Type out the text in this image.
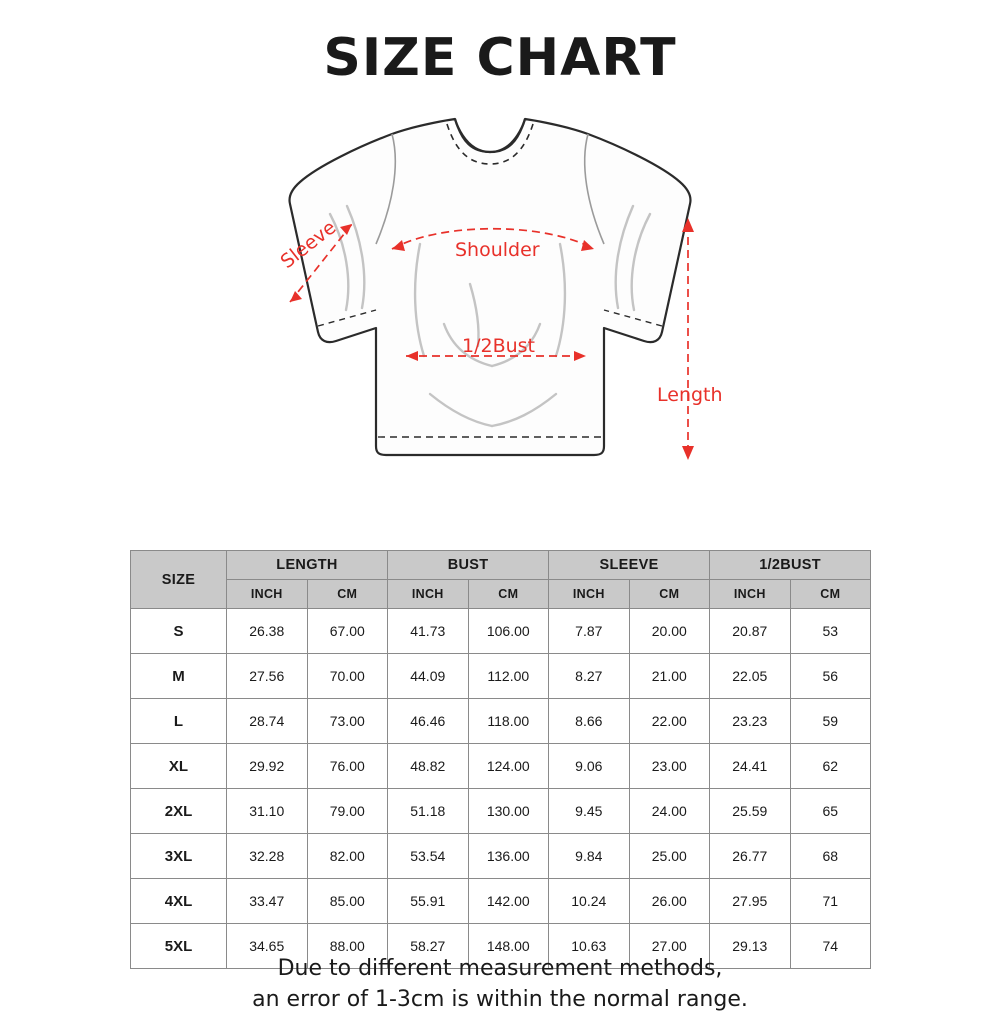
SIZE CHART
Sleeve	Shoulder
1/2Bust
Length
SIZE	LENGTH		BUST		SLEEVE		1/2BUST	
	INCH	CM	INCH	CM	INCH	CM	INCH	CM
S	26.38	67.00	41.73	106.00	7.87	20.00	20.87	53
M	27.56	70.00	44.09	112.00	8.27	21.00	22.05	56
L	28.74	73.00	46.46	118.00	8.66	22.00	23.23	59
XL	29.92	76.00	48.82	124.00	9.06	23.00	24.41	62
2XL	31.10	79.00	51.18	130.00	9.45	24.00	25.59	65
3XL	32.28	82.00	53.54	136.00	9.84	25.00	26.77	68
4XL	33.47	85.00	55.91	142.00	10.24	26.00	27.95	71
5XL	34.65	88.00	58.27	148.00	10.63	27.00	29.13	74
Due to different measurement methods,
an error of 1-3cm is within the normal range.
